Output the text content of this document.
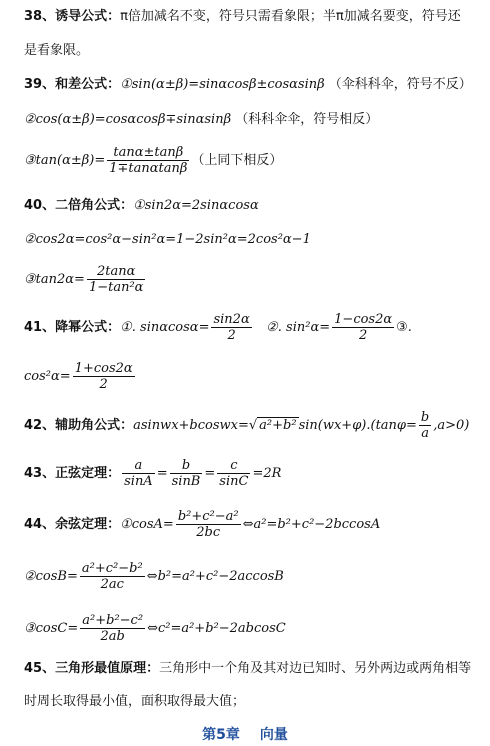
38、诱导公式：π倍加减名不变，符号只需看象限；半π加减名要变，符号还
是看象限。
39、和差公式：①sin(α±β)=sinαcosβ±cosαsinβ （伞科科伞，符号不反）
②cos(α±β)=cosαcosβ∓sinαsinβ （科科伞伞，符号相反）
③tan(α±β)= $\frac{\tan\alpha\pm\tan\beta}{1\mp\tan\alpha\tan\beta}$ （上同下相反）
40、二倍角公式：①sin2α=2sinαcosα
②cos2α=cos²α−sin²α=1−2sin²α=2cos²α−1
③tan2α= $\frac{2\tan\alpha}{\text{1−tan²α}}$
41、降幂公式：①. $\sin\alpha\cos\alpha= \frac{\sin 2\alpha}{2}$ ②. $\sin^2\alpha= \frac{1-\cos 2\alpha}{2}$ ③.
$\cos^2\alpha= \frac{1+\cos 2\alpha}{2}$
42、辅助角公式：asinwx+bcoswx=√ a²+b² $\sin(wx+\varphi).(\tan\varphi= \frac{b}{a} ,a>0)$
43、正弦定理： $\frac{a}{\sin A} = \frac{b}{\sin B} = \frac{c}{\sin C} =2R$
44、余弦定理：①cosA= $\frac{\text{b²+c²−a²}}{2bc}$ ⇔a²=b²+c²−2bccosA
②cosB= $\frac{\text{a²+c²−b²}}{2ac}$ ⇔b²=a²+c²−2accosB
③cosC= $\frac{\text{a²+b²−c²}}{2ab}$ ⇔c²=a²+b²−2abcosC
45、三角形最值原理：三角形中一个角及其对边已知时、另外两边或两角相等
时周长取得最小值，面积取得最大值；
第5章 向量
